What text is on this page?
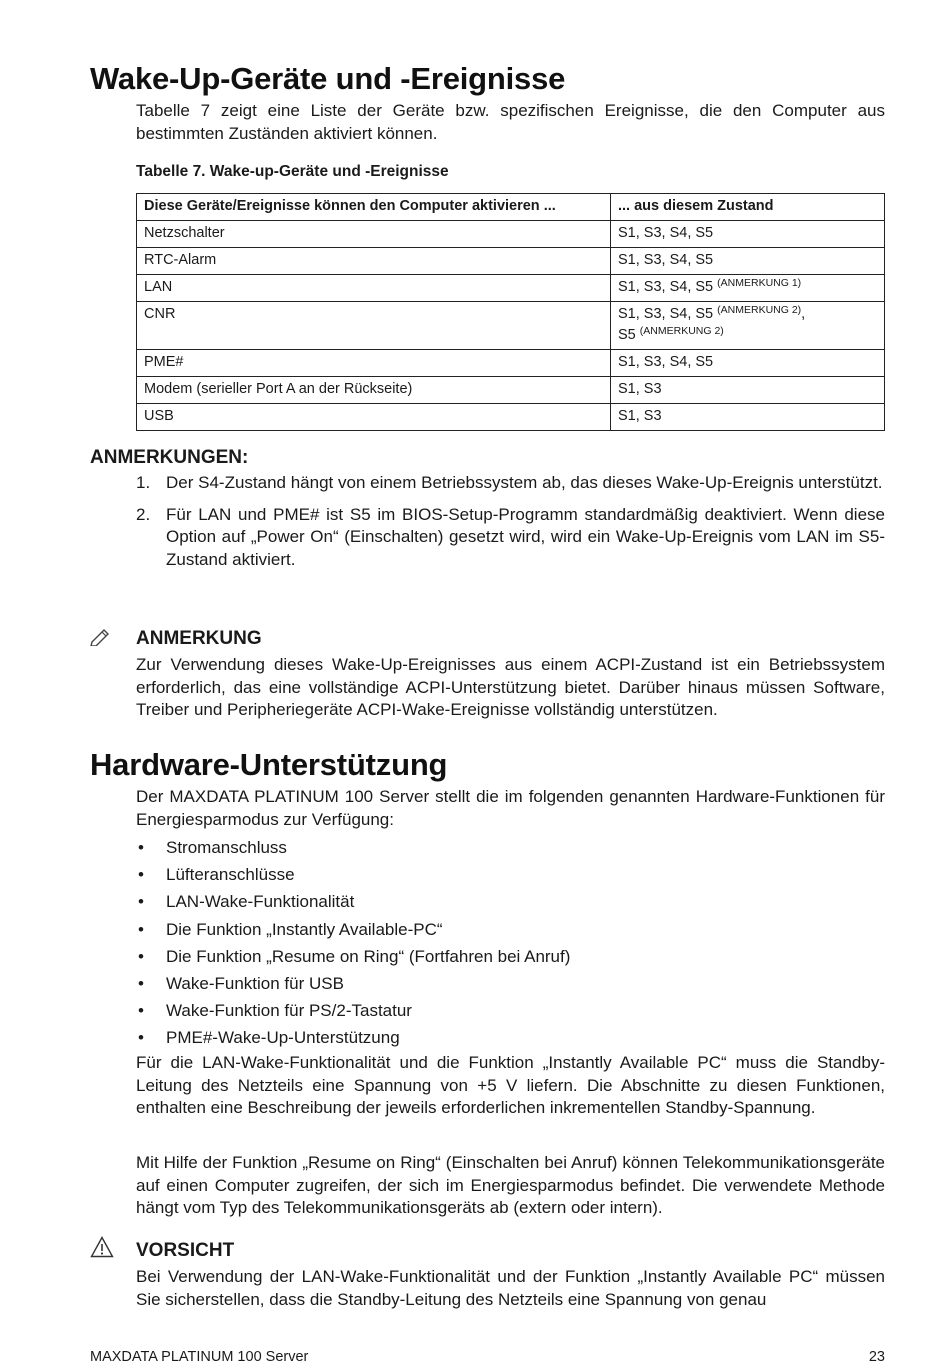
Wake-Up-Geräte und -Ereignisse

Tabelle 7 zeigt eine Liste der Geräte bzw. spezifischen Ereignisse, die den Computer aus bestimmten Zuständen aktiviert können.

Tabelle 7. Wake-up-Geräte und -Ereignisse

Diese Geräte/Ereignisse können den Computer aktivieren ...	... aus diesem Zustand
Netzschalter	S1, S3, S4, S5
RTC-Alarm	S1, S3, S4, S5
LAN	S1, S3, S4, S5 $^{(ANMERKUNG 1)}$
CNR	S1, S3, S4, S5 $^{(ANMERKUNG 2)}$,
S5 $^{(ANMERKUNG 2)}$
PME#	S1, S3, S4, S5
Modem (serieller Port A an der Rückseite)	S1, S3
USB	S1, S3

ANMERKUNGEN:

1. Der S4-Zustand hängt von einem Betriebssystem ab, das dieses Wake-Up-Ereignis unterstützt.
2. Für LAN und PME# ist S5 im BIOS-Setup-Programm standardmäßig deaktiviert. Wenn diese Option auf „Power On“ (Einschalten) gesetzt wird, wird ein Wake-Up-Ereignis vom LAN im S5-Zustand aktiviert.

ANMERKUNG

Zur Verwendung dieses Wake-Up-Ereignisses aus einem ACPI-Zustand ist ein Betriebssystem erforderlich, das eine vollständige ACPI-Unterstützung bietet. Darüber hinaus müssen Software, Treiber und Peripheriegeräte ACPI-Wake-Ereignisse vollständig unterstützen.

Hardware-Unterstützung

Der MAXDATA PLATINUM 100 Server stellt die im folgenden genannten Hardware-Funktionen für Energiesparmodus zur Verfügung:

• Stromanschluss
• Lüfteranschlüsse
• LAN-Wake-Funktionalität
• Die Funktion „Instantly Available-PC“
• Die Funktion „Resume on Ring“ (Fortfahren bei Anruf)
• Wake-Funktion für USB
• Wake-Funktion für PS/2-Tastatur
• PME#-Wake-Up-Unterstützung

Für die LAN-Wake-Funktionalität und die Funktion „Instantly Available PC“ muss die Standby-Leitung des Netzteils eine Spannung von +5 V liefern. Die Abschnitte zu diesen Funktionen, enthalten eine Beschreibung der jeweils erforderlichen inkrementellen Standby-Spannung.

Mit Hilfe der Funktion „Resume on Ring“ (Einschalten bei Anruf) können Telekommunikationsgeräte auf einen Computer zugreifen, der sich im Energiesparmodus befindet. Die verwendete Methode hängt vom Typ des Telekommunikationsgeräts ab (extern oder intern).

VORSICHT

Bei Verwendung der LAN-Wake-Funktionalität und der Funktion „Instantly Available PC“ müssen Sie sicherstellen, dass die Standby-Leitung des Netzteils eine Spannung von genau

MAXDATA PLATINUM 100 Server	23
